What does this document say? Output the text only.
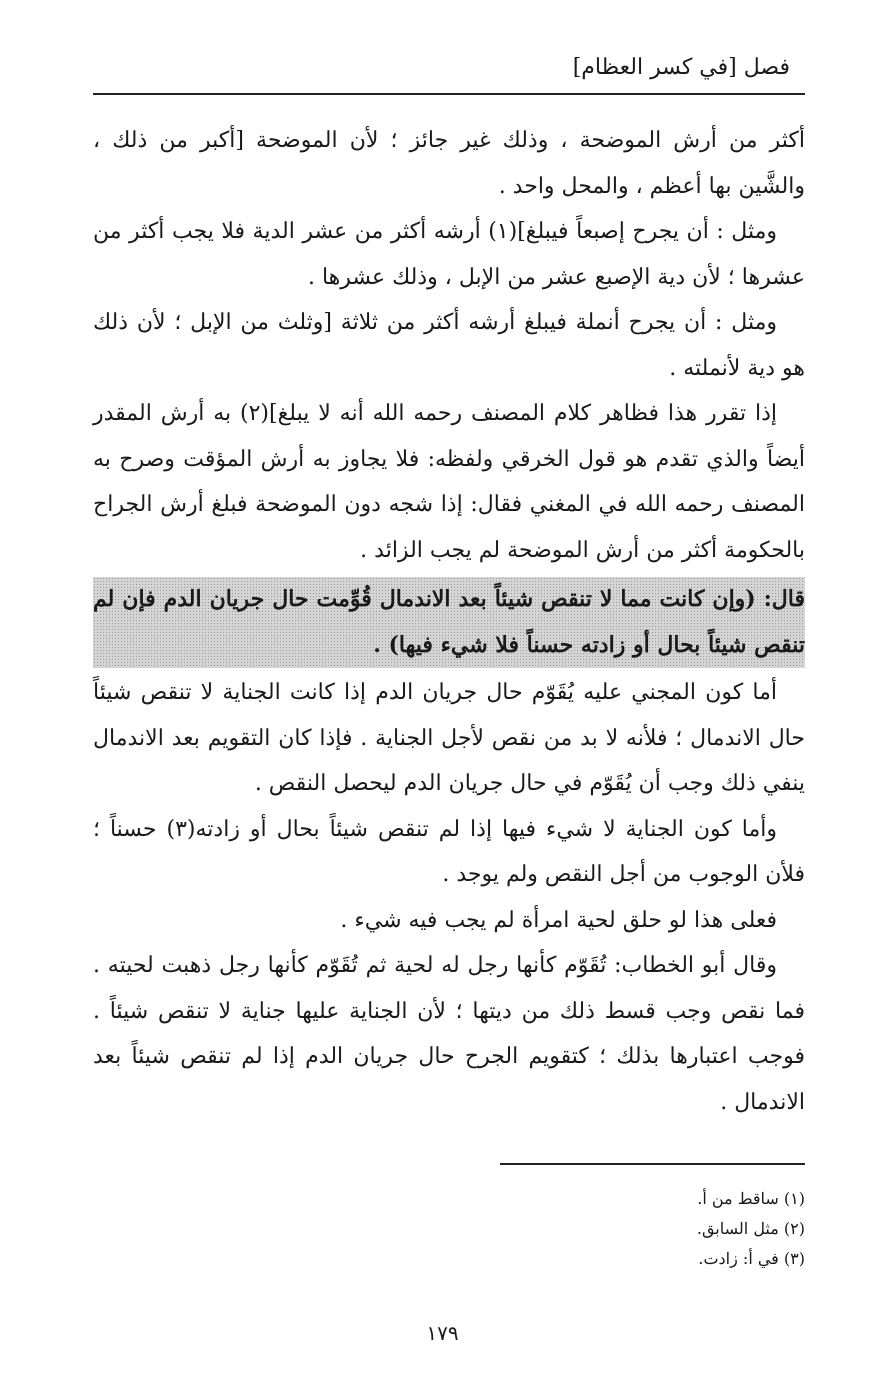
فصل [في كسر العظام]

أكثر من أرش الموضحة ، وذلك غير جائز ؛ لأن الموضحة [أكبر من ذلك ، والشَّين بها أعظم ، والمحل واحد .

ومثل : أن يجرح إصبعاً فيبلغ](١) أرشه أكثر من عشر الدية فلا يجب أكثر من عشرها ؛ لأن دية الإصبع عشر من الإبل ، وذلك عشرها .

ومثل : أن يجرح أنملة فيبلغ أرشه أكثر من ثلاثة [وثلث من الإبل ؛ لأن ذلك هو دية لأنملته .

إذا تقرر هذا فظاهر كلام المصنف رحمه الله أنه لا يبلغ](٢) به أرش المقدر أيضاً والذي تقدم هو قول الخرقي ولفظه: فلا يجاوز به أرش المؤقت وصرح به المصنف رحمه الله في المغني فقال: إذا شجه دون الموضحة فبلغ أرش الجراح بالحكومة أكثر من أرش الموضحة لم يجب الزائد .

قال: (وإن كانت مما لا تنقص شيئاً بعد الاندمال قُوِّمت حال جريان الدم فإن لم تنقص شيئاً بحال أو زادته حسناً فلا شيء فيها) .

أما كون المجني عليه يُقَوّم حال جريان الدم إذا كانت الجناية لا تنقص شيئاً حال الاندمال ؛ فلأنه لا بد من نقص لأجل الجناية . فإذا كان التقويم بعد الاندمال ينفي ذلك وجب أن يُقَوّم في حال جريان الدم ليحصل النقص .

وأما كون الجناية لا شيء فيها إذا لم تنقص شيئاً بحال أو زادته(٣) حسناً ؛ فلأن الوجوب من أجل النقص ولم يوجد .

فعلى هذا لو حلق لحية امرأة لم يجب فيه شيء .

وقال أبو الخطاب: تُقَوّم كأنها رجل له لحية ثم تُقَوّم كأنها رجل ذهبت لحيته . فما نقص وجب قسط ذلك من ديتها ؛ لأن الجناية عليها جناية لا تنقص شيئاً . فوجب اعتبارها بذلك ؛ كتقويم الجرح حال جريان الدم إذا لم تنقص شيئاً بعد الاندمال .

(١) ساقط من أ.
(٢) مثل السابق.
(٣) في أ: زادت.
١٧٩
